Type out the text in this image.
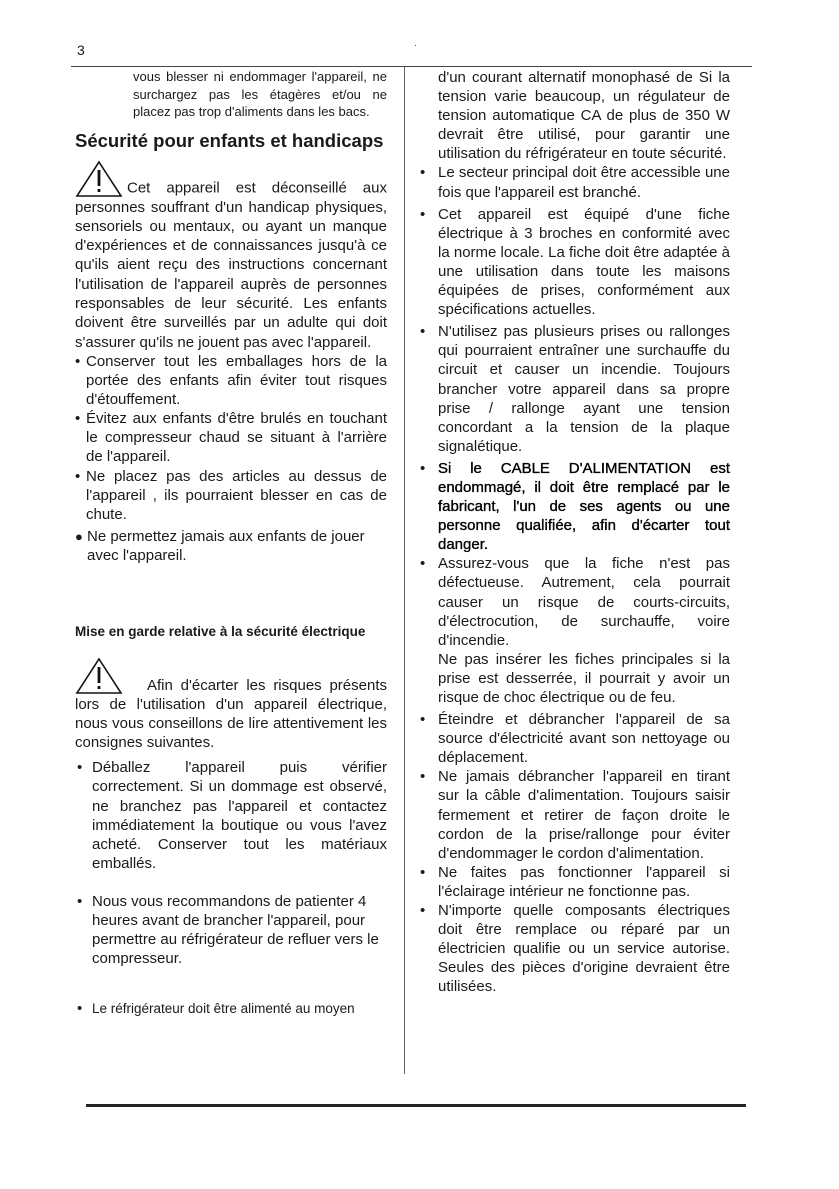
3	.

vous blesser ni endommager l'appareil, ne surchargez pas les étagères et/ou ne placez pas trop d'aliments dans les bacs.

Sécurité pour enfants et handicaps

Cet appareil est déconseillé aux personnes souffrant d'un handicap physiques, sensoriels ou mentaux, ou ayant un manque d'expériences et de connaissances jusqu'à ce qu'ils aient reçu des instructions concernant l'utilisation de l'appareil auprès de personnes responsables de leur sécurité. Les enfants doivent être surveillés par un adulte qui doit s'assurer qu'ils ne jouent pas avec l'appareil.

• Conserver tout les emballages hors de la portée des enfants afin éviter tout risques d'étouffement.
• Évitez aux enfants d'être brulés en touchant le compresseur chaud se situant à l'arrière de l'appareil.
• Ne placez pas des articles au dessus de l'appareil , ils pourraient blesser en cas de chute.
● Ne permettez jamais aux enfants de jouer avec l'appareil.
Mise en garde relative à la sécurité électrique

Afin d'écarter les risques présents lors de l'utilisation d'un appareil électrique, nous vous conseillons de lire attentivement les consignes suivantes.

• Déballez l'appareil puis vérifier correctement. Si un dommage est observé, ne branchez pas l'appareil et contactez immédiatement la boutique ou vous l'avez acheté. Conserver tout les matériaux emballés.
• Nous vous recommandons de patienter 4 heures avant de brancher l'appareil, pour permettre au réfrigérateur de refluer vers le compresseur.
• Le réfrigérateur doit être alimenté au moyen

d'un courant alternatif monophasé de Si la tension varie beaucoup, un régulateur de tension automatique CA de plus de 350 W devrait être utilisé, pour garantir une utilisation du réfrigérateur en toute sécurité.

• Le secteur principal doit être accessible une fois que l'appareil est branché.
• Cet appareil est équipé d'une fiche électrique à 3 broches en conformité avec la norme locale. La fiche doit être adaptée à une utilisation dans toute les maisons équipées de prises, conformément aux spécifications actuelles.
• N'utilisez pas plusieurs prises ou rallonges qui pourraient entraîner une surchauffe du circuit et causer un incendie. Toujours brancher votre appareil dans sa propre prise / rallonge ayant une tension concordant a la tension de la plaque signalétique.
• Si le CABLE D'ALIMENTATION est endommagé, il doit être remplacé par le fabricant, l'un de ses agents ou une personne qualifiée, afin d'écarter tout danger.
• Assurez-vous que la fiche n'est pas défectueuse. Autrement, cela pourrait causer un risque de courts-circuits, d'électrocution, de surchauffe, voire d'incendie.
Ne pas insérer les fiches principales si la prise est desserrée, il pourrait y avoir un risque de choc électrique ou de feu.
• Éteindre et débrancher l'appareil de sa source d'électricité avant son nettoyage ou déplacement.
• Ne jamais débrancher l'appareil en tirant sur la câble d'alimentation. Toujours saisir fermement et retirer de façon droite le cordon de la prise/rallonge pour éviter d'endommager le cordon d'alimentation.
• Ne faites pas fonctionner l'appareil si l'éclairage intérieur ne fonctionne pas.
• N'importe quelle composants électriques doit être remplace ou réparé par un électricien qualifie ou un service autorise. Seules des pièces d'origine devraient être utilisées.
